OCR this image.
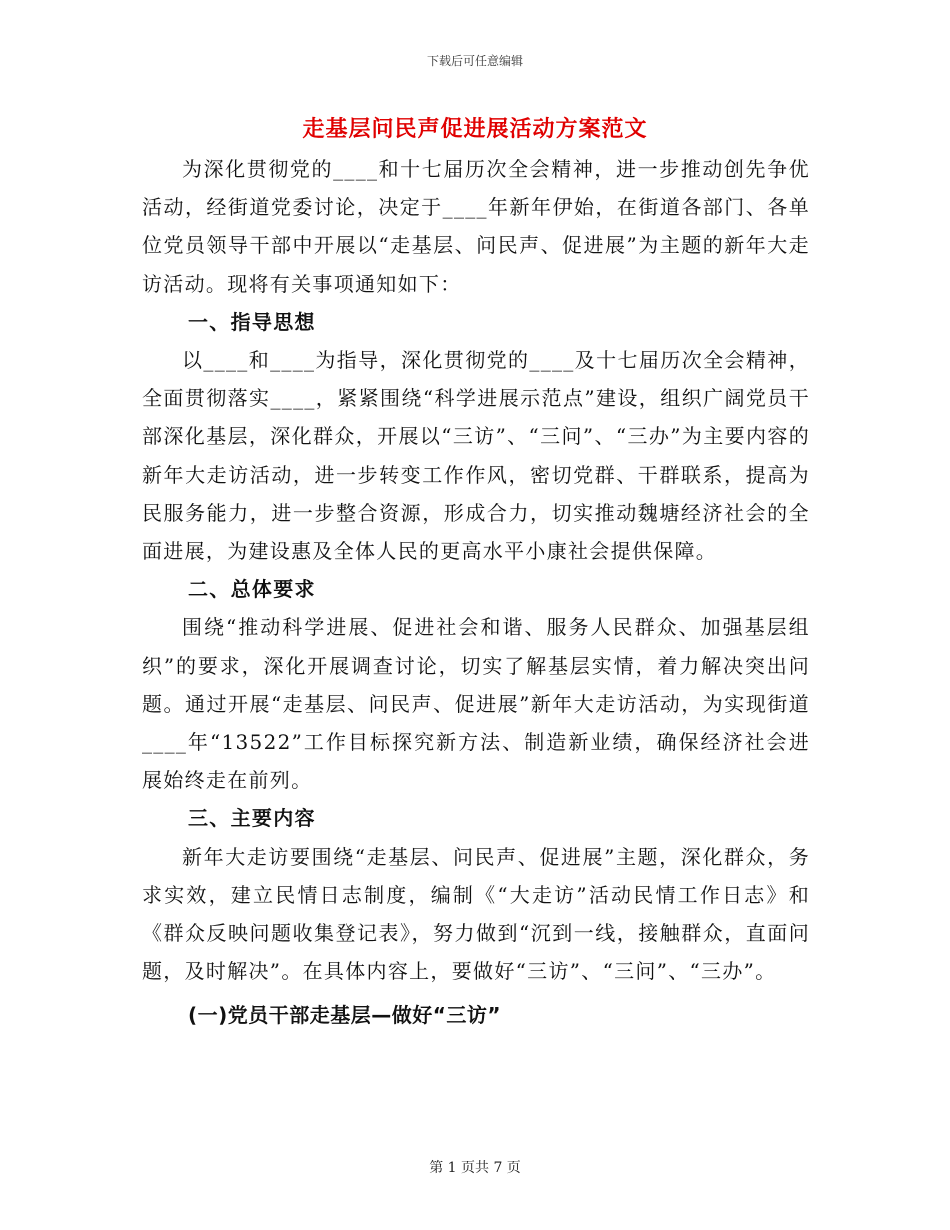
下载后可任意编辑
走基层问民声促进展活动方案范文

为深化贯彻党的____和十七届历次全会精神，进一步推动创先争优活动，经街道党委讨论，决定于____年新年伊始，在街道各部门、各单位党员领导干部中开展以“走基层、问民声、促进展”为主题的新年大走访活动。现将有关事项通知如下：

一、指导思想

以____和____为指导，深化贯彻党的____及十七届历次全会精神，全面贯彻落实____，紧紧围绕“科学进展示范点”建设，组织广阔党员干部深化基层，深化群众，开展以“三访”、“三问”、“三办”为主要内容的新年大走访活动，进一步转变工作作风，密切党群、干群联系，提高为民服务能力，进一步整合资源，形成合力，切实推动魏塘经济社会的全面进展，为建设惠及全体人民的更高水平小康社会提供保障。

二、总体要求

围绕“推动科学进展、促进社会和谐、服务人民群众、加强基层组织”的要求，深化开展调查讨论，切实了解基层实情，着力解决突出问题。通过开展“走基层、问民声、促进展”新年大走访活动，为实现街道____年“13522”工作目标探究新方法、制造新业绩，确保经济社会进展始终走在前列。

三、主要内容

新年大走访要围绕“走基层、问民声、促进展”主题，深化群众，务求实效，建立民情日志制度，编制《“大走访”活动民情工作日志》和《群众反映问题收集登记表》，努力做到“沉到一线，接触群众，直面问题，及时解决”。在具体内容上，要做好“三访”、“三问”、“三办”。

(一)党员干部走基层—做好“三访”
第 1 页共 7 页
